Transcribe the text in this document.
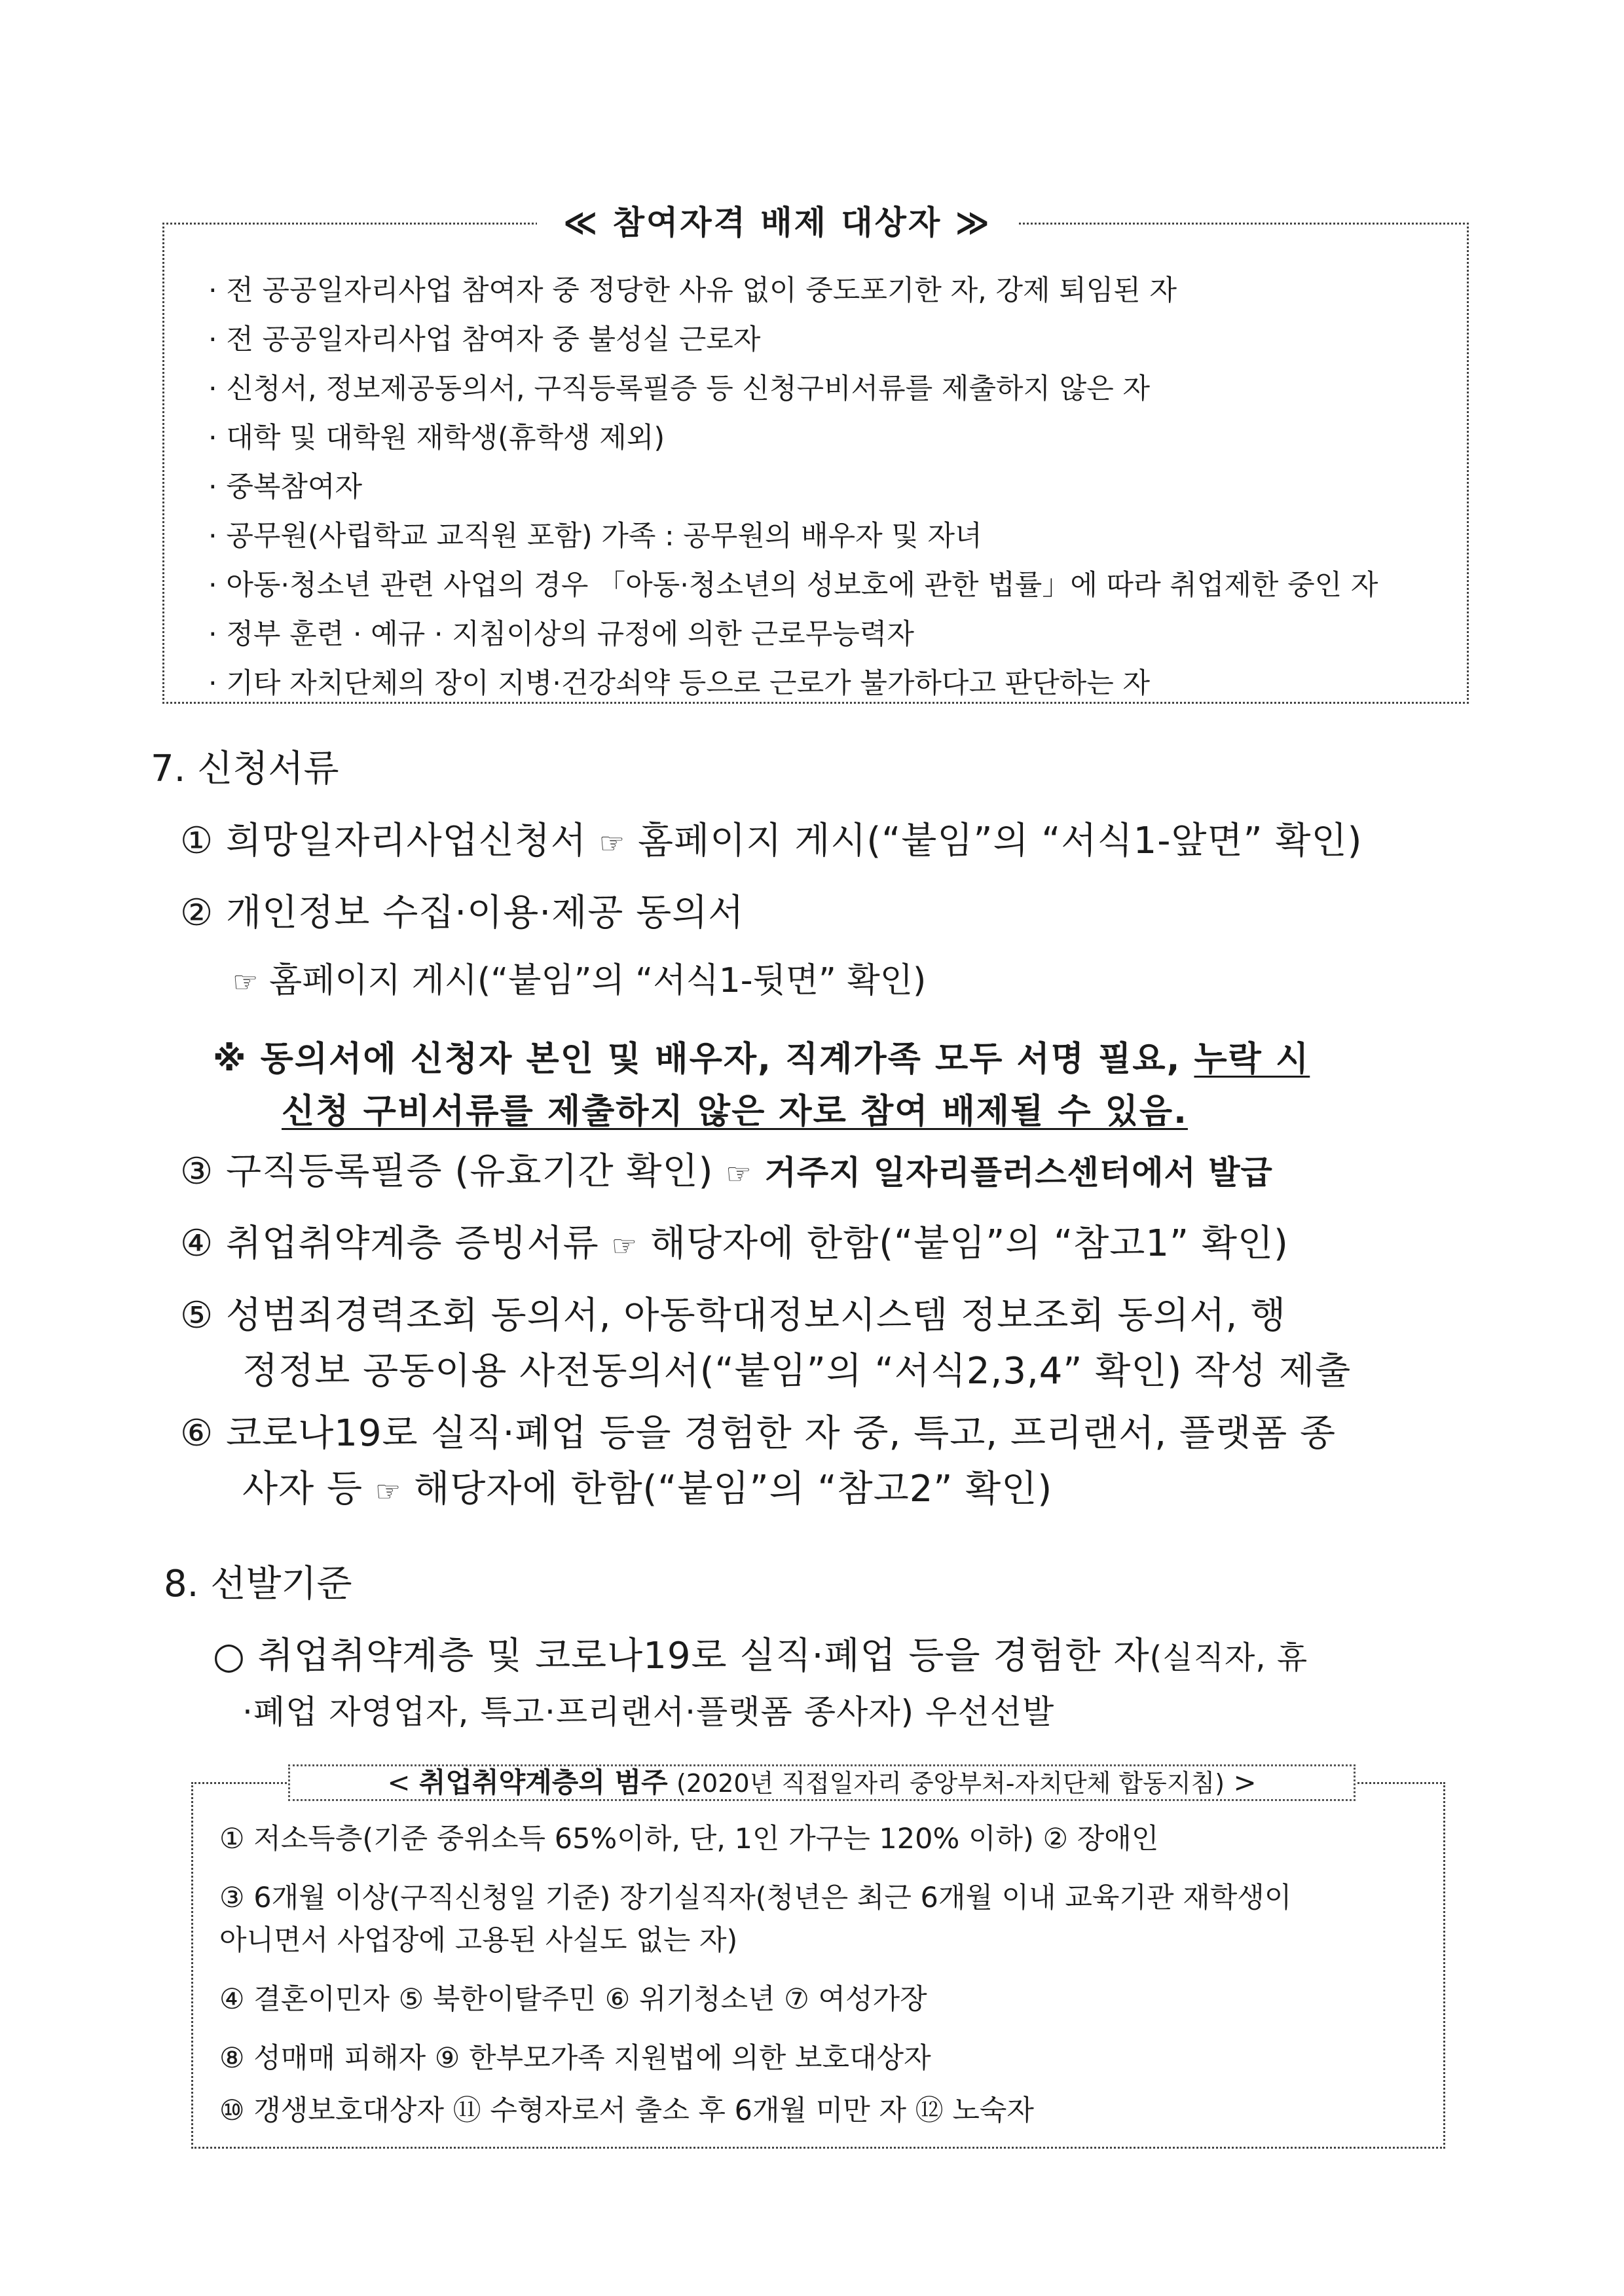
≪ 참여자격 배제 대상자 ≫
· 전 공공일자리사업 참여자 중 정당한 사유 없이 중도포기한 자, 강제 퇴임된 자
· 전 공공일자리사업 참여자 중 불성실 근로자
· 신청서, 정보제공동의서, 구직등록필증 등 신청구비서류를 제출하지 않은 자
· 대학 및 대학원 재학생(휴학생 제외)
· 중복참여자
· 공무원(사립학교 교직원 포함) 가족 : 공무원의 배우자 및 자녀
· 아동·청소년 관련 사업의 경우 「아동·청소년의 성보호에 관한 법률」에 따라 취업제한 중인 자
· 정부 훈련 · 예규 · 지침이상의 규정에 의한 근로무능력자
· 기타 자치단체의 장이 지병·건강쇠약 등으로 근로가 불가하다고 판단하는 자
7. 신청서류
① 희망일자리사업신청서 ☞ 홈페이지 게시(“붙임”의 “서식1-앞면” 확인)
② 개인정보 수집·이용·제공 동의서
☞ 홈페이지 게시(“붙임”의 “서식1-뒷면” 확인)
※ 동의서에 신청자 본인 및 배우자, 직계가족 모두 서명 필요, 누락 시
신청 구비서류를 제출하지 않은 자로 참여 배제될 수 있음.
③ 구직등록필증 (유효기간 확인) ☞ 거주지 일자리플러스센터에서 발급
④ 취업취약계층 증빙서류 ☞ 해당자에 한함(“붙임”의 “참고1” 확인)
⑤ 성범죄경력조회 동의서, 아동학대정보시스템 정보조회 동의서, 행
정정보 공동이용 사전동의서(“붙임”의 “서식2,3,4” 확인) 작성 제출
⑥ 코로나19로 실직·폐업 등을 경험한 자 중, 특고, 프리랜서, 플랫폼 종
사자 등 ☞ 해당자에 한함(“붙임”의 “참고2” 확인)
8. 선발기준
○ 취업취약계층 및 코로나19로 실직·폐업 등을 경험한 자(실직자, 휴
·폐업 자영업자, 특고·프리랜서·플랫폼 종사자) 우선선발
< 취업취약계층의 범주 (2020년 직접일자리 중앙부처-자치단체 합동지침) >
① 저소득층(기준 중위소득 65%이하, 단, 1인 가구는 120% 이하) ② 장애인
③ 6개월 이상(구직신청일 기준) 장기실직자(청년은 최근 6개월 이내 교육기관 재학생이
아니면서 사업장에 고용된 사실도 없는 자)
④ 결혼이민자 ⑤ 북한이탈주민 ⑥ 위기청소년 ⑦ 여성가장
⑧ 성매매 피해자 ⑨ 한부모가족 지원법에 의한 보호대상자
⑩ 갱생보호대상자 ⑪ 수형자로서 출소 후 6개월 미만 자 ⑫ 노숙자
